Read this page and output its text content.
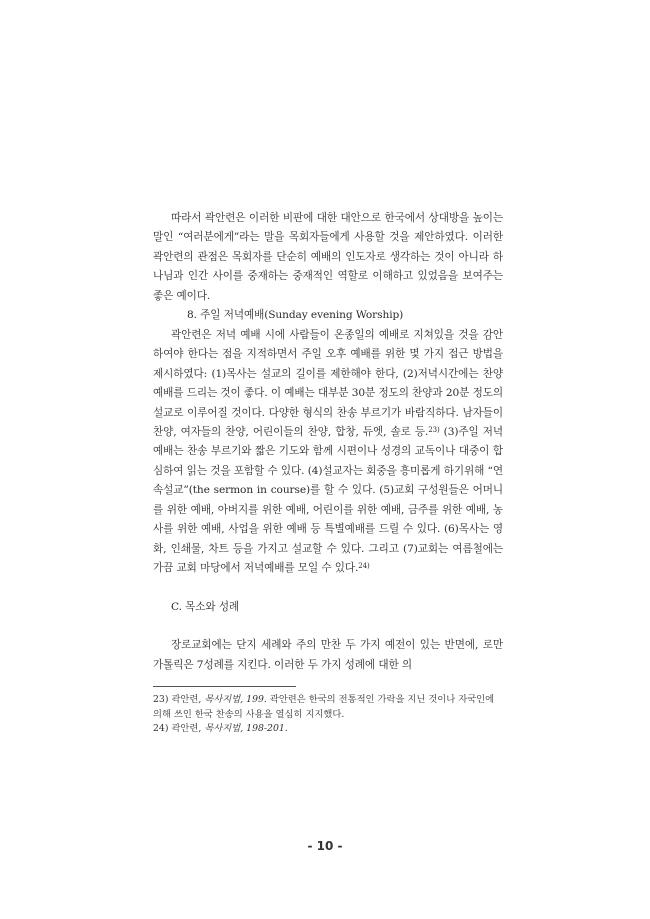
따라서 곽안련은 이러한 비판에 대한 대안으로 한국에서 상대방을 높이는 말인 “여러분에게”라는 말을 목회자들에게 사용할 것을 제안하였다. 이러한 곽안련의 관점은 목회자를 단순히 예배의 인도자로 생각하는 것이 아니라 하나님과 인간 사이를 중재하는 중재적인 역할로 이해하고 있었음을 보여주는 좋은 예이다.

8. 주일 저녁예배(Sunday evening Worship)

곽안련은 저녁 예배 시에 사람들이 온종일의 예배로 지쳐있을 것을 감안하여야 한다는 점을 지적하면서 주일 오후 예배를 위한 몇 가지 접근 방법을 제시하였다: (1)목사는 설교의 길이를 제한해야 한다, (2)저녁시간에는 찬양 예배를 드리는 것이 좋다. 이 예배는 대부분 30분 정도의 찬양과 20분 정도의 설교로 이루어질 것이다. 다양한 형식의 찬송 부르기가 바람직하다. 남자들이 찬양, 여자들의 찬양, 어린이들의 찬양, 합창, 듀엣, 솔로 등.$^{23)}$ (3)주일 저녁예배는 찬송 부르기와 짧은 기도와 함께 시편이나 성경의 교독이나 대중이 합심하여 읽는 것을 포함할 수 있다. (4)설교자는 회중을 흥미롭게 하기위해 “연속설교”(the sermon in course)를 할 수 있다. (5)교회 구성원들은 어머니를 위한 예배, 아버지를 위한 예배, 어린이를 위한 예배, 금주를 위한 예배, 농사를 위한 예배, 사업을 위한 예배 등 특별예배를 드릴 수 있다. (6)목사는 영화, 인쇄물, 차트 등을 가지고 설교할 수 있다. 그리고 (7)교회는 여름철에는 가끔 교회 마당에서 저녁예배를 모일 수 있다.$^{24)}$

C. 목소와 성례

장로교회에는 단지 세례와 주의 만찬 두 가지 예전이 있는 반면에, 로만 가톨릭은 7성례를 지킨다. 이러한 두 가지 성례에 대한 의

23) 곽안련, 목사지법, 199. 곽안련은 한국의 전통적인 가락을 지닌 것이나 자국인에 의해 쓰인 한국 찬송의 사용을 열심히 지지했다.

24) 곽안련, 목사지법, 198-201.

- 10 -
